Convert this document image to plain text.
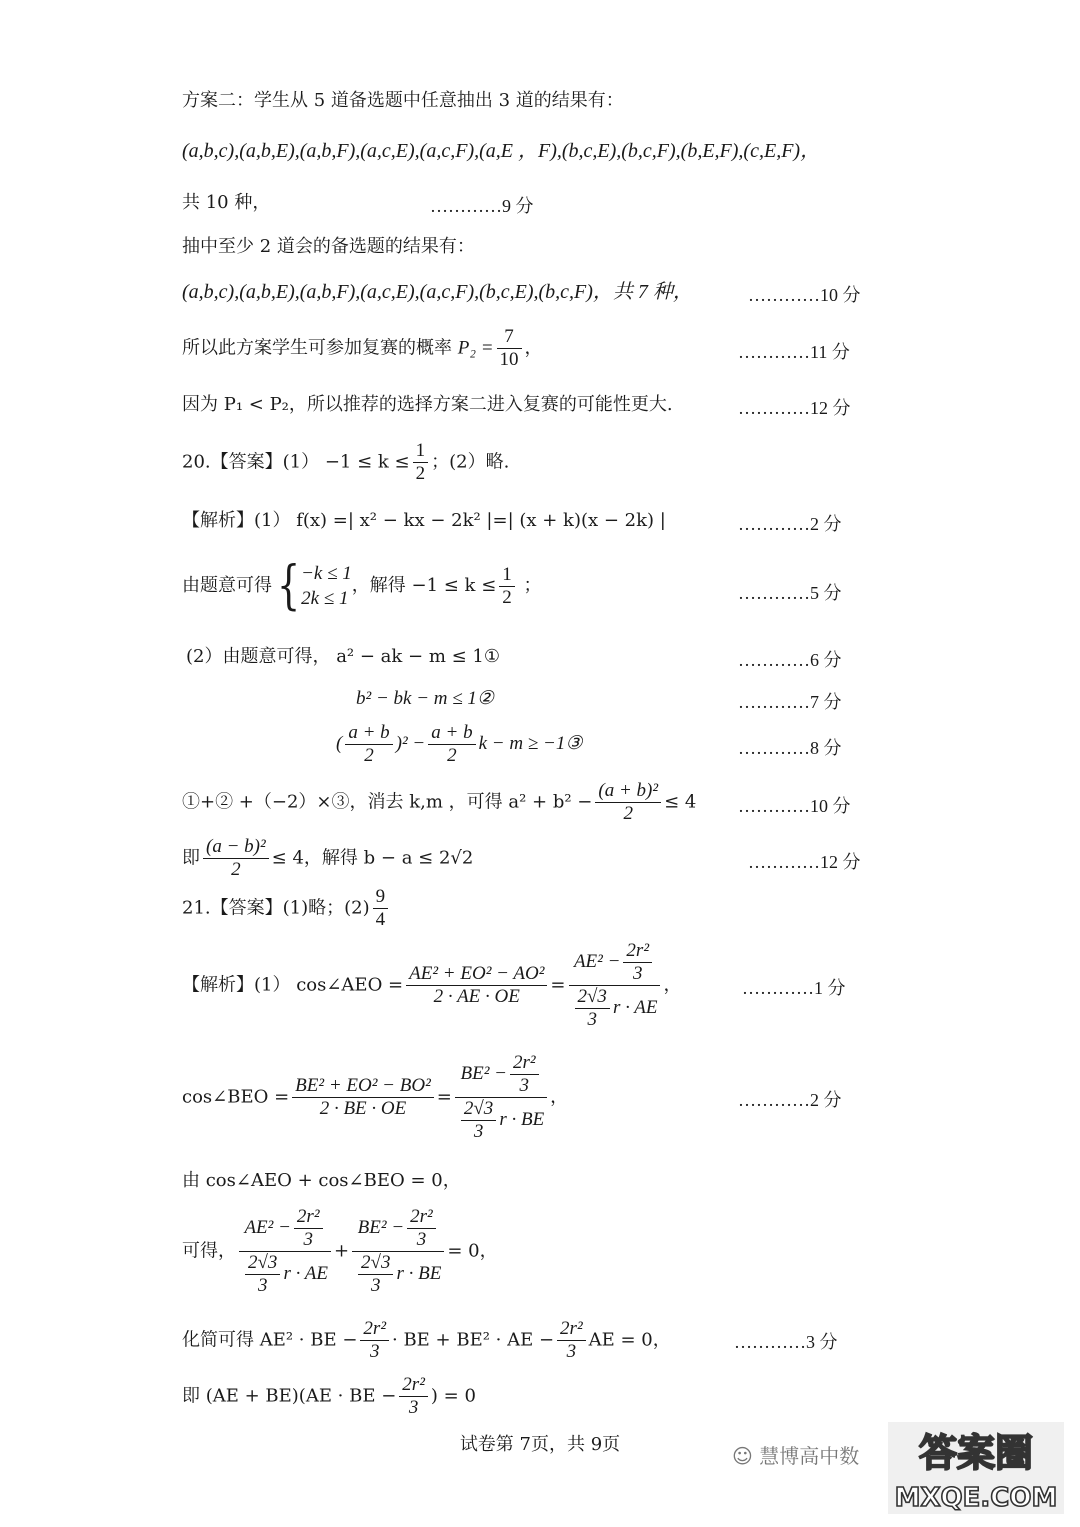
方案二：学生从 5 道备选题中任意抽出 3 道的结果有：
(a,b,c),(a,b,E),(a,b,F),(a,c,E),(a,c,F),(a,E ，F),(b,c,E),(b,c,F),(b,E,F),(c,E,F)，
共 10 种，	…………9 分
抽中至少 2 道会的备选题的结果有：
(a,b,c),(a,b,E),(a,b,F),(a,c,E),(a,c,F),(b,c,E),(b,c,F)，共 7 种，	…………10 分
所以此方案学生可参加复赛的概率 $P_2 = \frac{7}{10}$ ，	…………11 分
因为 P₁ < P₂，所以推荐的选择方案二进入复赛的可能性更大.	…………12 分
20.【答案】$(1) -1 \le k \le \frac{1}{2}$ ；(2）略.
【解析】(1） f(x) =| x² − kx − 2k² |=| (x + k)(x − 2k) |	…………2 分
由题意可得{ −k ≤ 1
2k ≤ 1
，解得 $-1 \le k \le \frac{1}{2}$ ；	…………5 分
(2）由题意可得， a² − ak − m ≤ 1①	…………6 分
b² − bk − m ≤ 1②	…………7 分
( $\frac{a + b}{2} )^2 - \frac{a + b}{2}$ k − m ≥ −1③	…………8 分
①+② +（−2）×③，消去 k,m ，可得 $a^2 + b^2 - \frac{\text{(a + b)²}}{2} \le 4$ …………10 分
即 $\frac{\text{(a − b)²}}{2} \le 4$，解得 b − a ≤ 2√2	…………12 分
21.【答案】(1)略；$(2) \frac{9}{4}$
【解析】(1） cos∠AEO = $\frac{\text{AE² + EO² − AO²}}{2 \cdot AE \cdot OE} = \frac{AE^2 - \frac{\text{2r²}}{3}}{\frac{2√3}{3} r \cdot AE}$ ，	…………1 分
cos∠BEO = $\frac{\text{BE² + EO² − BO²}}{2 \cdot BE \cdot OE} = \frac{BE^2 - \frac{\text{2r²}}{3}}{\frac{2√3}{3} r \cdot BE}$ ，	…………2 分
由 cos∠AEO + cos∠BEO = 0，
可得， $\frac{AE^2 - \frac{\text{2r²}}{3}}{\frac{2√3}{3} r \cdot AE} + \frac{BE^2 - \frac{\text{2r²}}{3}}{\frac{2√3}{3} r \cdot BE} = 0$，
化简可得 AE² · BE − $\frac{\text{2r²}}{3}$ · BE + BE² · AE − $\frac{\text{2r²}}{3}$ AE = 0，	…………3 分
即 (AE + BE)(AE · BE − $\frac{\text{2r²}}{3}$ ) = 0
试卷第 7页，共 9页	☺ 慧博高中数 答案圈
MXQE.COM
